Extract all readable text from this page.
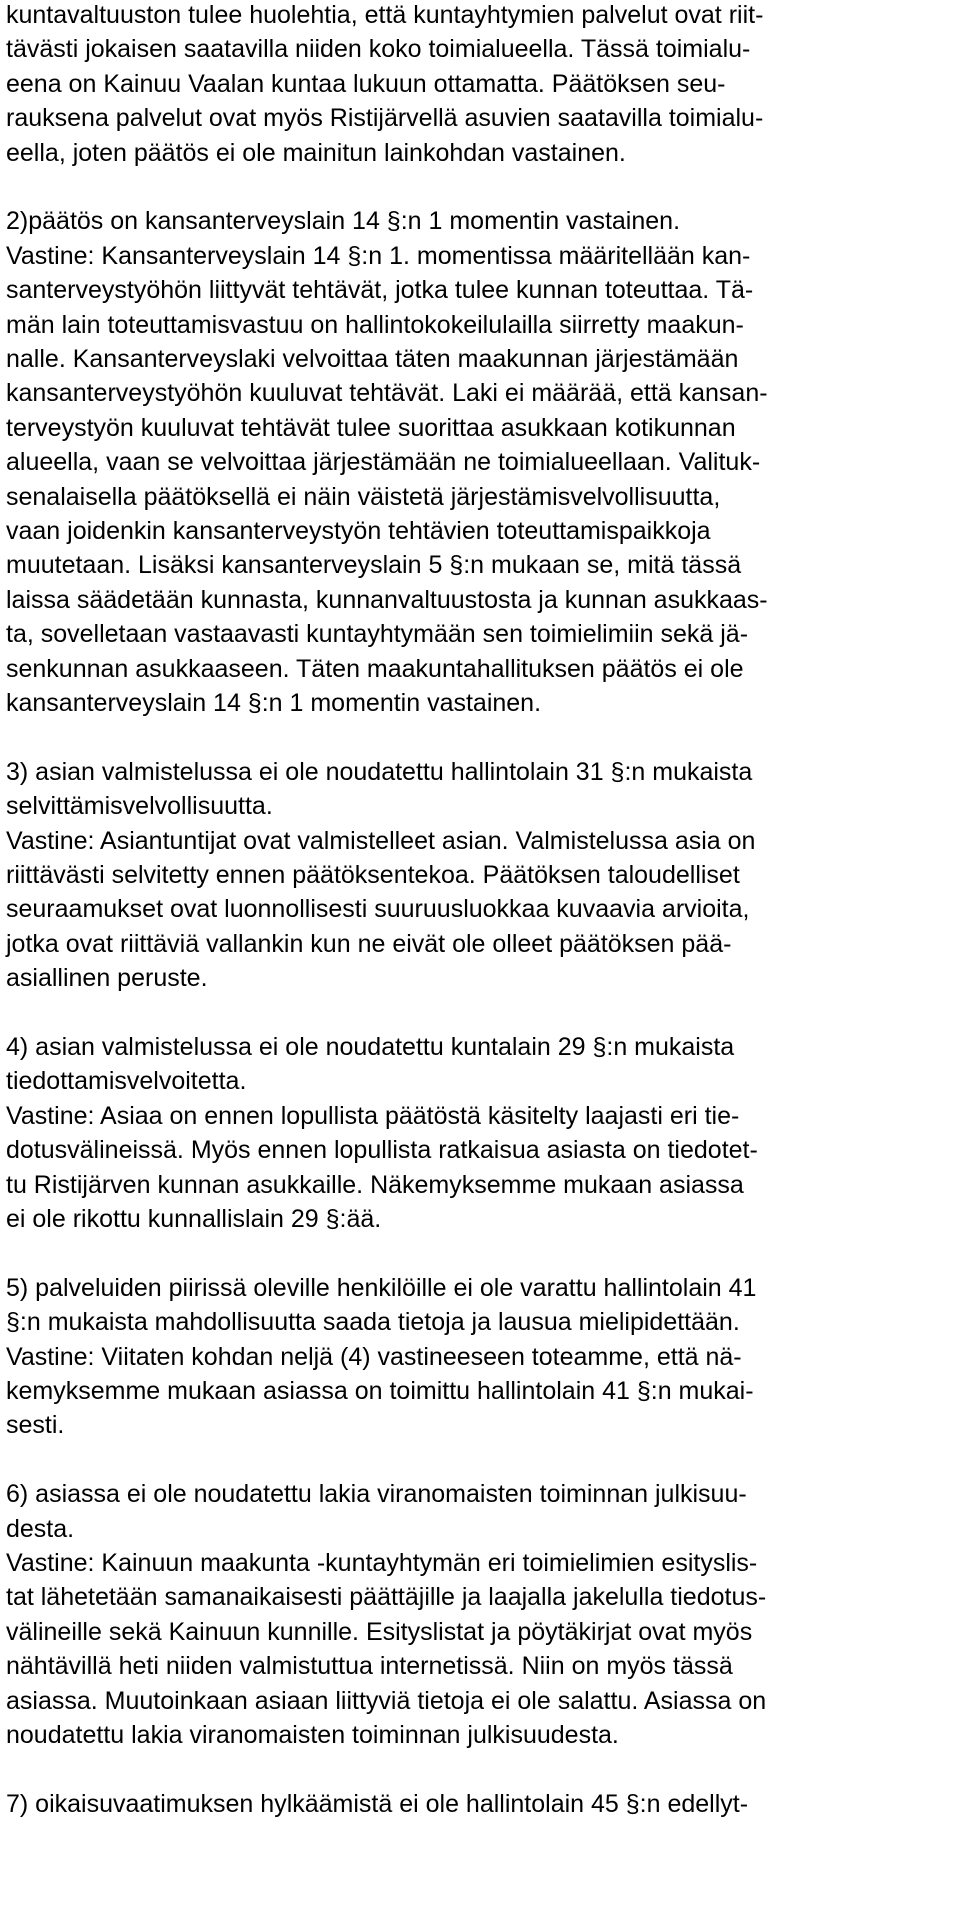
kuntavaltuuston tulee huolehtia, että kuntayhtymien palvelut ovat riit-

tävästi jokaisen saatavilla niiden koko toimialueella. Tässä toimialu-

eena on Kainuu Vaalan kuntaa lukuun ottamatta. Päätöksen seu-

rauksena palvelut ovat myös Ristijärvellä asuvien saatavilla toimialu-

eella, joten päätös ei ole mainitun lainkohdan vastainen.

2)päätös on kansanterveyslain 14 §:n 1 momentin vastainen.

Vastine: Kansanterveyslain 14 §:n 1. momentissa määritellään kan-

santerveystyöhön liittyvät tehtävät, jotka tulee kunnan toteuttaa. Tä-

män lain toteuttamisvastuu on hallintokokeilulailla siirretty maakun-

nalle. Kansanterveyslaki velvoittaa täten maakunnan järjestämään

kansanterveystyöhön kuuluvat tehtävät. Laki ei määrää, että kansan-

terveystyön kuuluvat tehtävät tulee suorittaa asukkaan kotikunnan

alueella, vaan se velvoittaa järjestämään ne toimialueellaan. Valituk-

senalaisella päätöksellä ei näin väistetä järjestämisvelvollisuutta,

vaan joidenkin kansanterveystyön tehtävien toteuttamispaikkoja

muutetaan. Lisäksi kansanterveyslain 5 §:n mukaan se, mitä tässä

laissa säädetään kunnasta, kunnanvaltuustosta ja kunnan asukkaas-

ta, sovelletaan vastaavasti kuntayhtymään sen toimielimiin sekä jä-

senkunnan asukkaaseen. Täten maakuntahallituksen päätös ei ole

kansanterveyslain 14 §:n 1 momentin vastainen.

3) asian valmistelussa ei ole noudatettu hallintolain 31 §:n mukaista

selvittämisvelvollisuutta.

Vastine: Asiantuntijat ovat valmistelleet asian. Valmistelussa asia on

riittävästi selvitetty ennen päätöksentekoa. Päätöksen taloudelliset

seuraamukset ovat luonnollisesti suuruusluokkaa kuvaavia arvioita,

jotka ovat riittäviä vallankin kun ne eivät ole olleet päätöksen pää-

asiallinen peruste.

4) asian valmistelussa ei ole noudatettu kuntalain 29 §:n mukaista

tiedottamisvelvoitetta.

Vastine: Asiaa on ennen lopullista päätöstä käsitelty laajasti eri tie-

dotusvälineissä. Myös ennen lopullista ratkaisua asiasta on tiedotet-

tu Ristijärven kunnan asukkaille. Näkemyksemme mukaan asiassa

ei ole rikottu kunnallislain 29 §:ää.

5) palveluiden piirissä oleville henkilöille ei ole varattu hallintolain 41

§:n mukaista mahdollisuutta saada tietoja ja lausua mielipidettään.

Vastine: Viitaten kohdan neljä (4) vastineeseen toteamme, että nä-

kemyksemme mukaan asiassa on toimittu hallintolain 41 §:n mukai-

sesti.

6) asiassa ei ole noudatettu lakia viranomaisten toiminnan julkisuu-

desta.

Vastine: Kainuun maakunta -kuntayhtymän eri toimielimien esityslis-

tat lähetetään samanaikaisesti päättäjille ja laajalla jakelulla tiedotus-

välineille sekä Kainuun kunnille. Esityslistat ja pöytäkirjat ovat myös

nähtävillä heti niiden valmistuttua internetissä. Niin on myös tässä

asiassa. Muutoinkaan asiaan liittyviä tietoja ei ole salattu. Asiassa on

noudatettu lakia viranomaisten toiminnan julkisuudesta.

7) oikaisuvaatimuksen hylkäämistä ei ole hallintolain 45 §:n edellyt-
